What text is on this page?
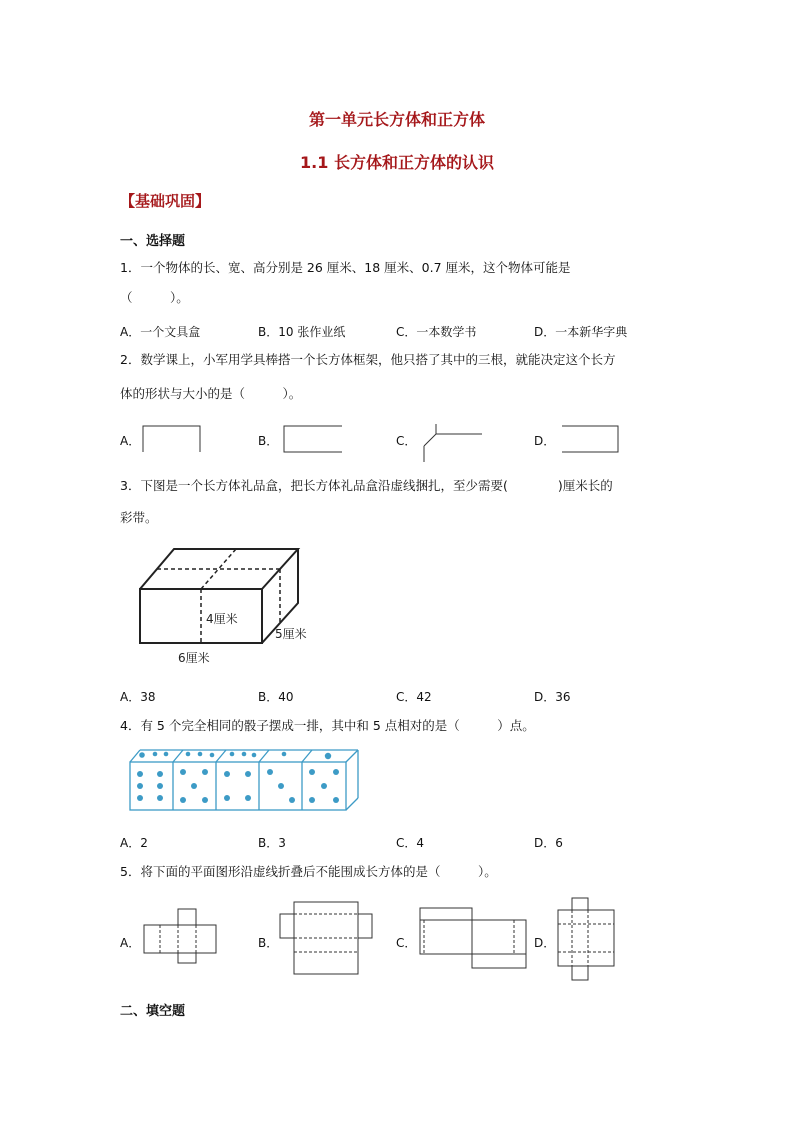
第一单元长方体和正方体
1.1 长方体和正方体的认识
【基础巩固】
一、选择题
1．一个物体的长、宽、高分别是 26 厘米、18 厘米、0.7 厘米，这个物体可能是
（　　　）。
A．一个文具盒	B．10 张作业纸	C．一本数学书	D．一本新华字典
2．数学课上，小军用学具棒搭一个长方体框架，他只搭了其中的三根，就能决定这个长方
体的形状与大小的是（　　　）。
A．	B．	C．	D．
3．下图是一个长方体礼品盒，把长方体礼品盒沿虚线捆扎，至少需要(　　　　)厘米长的
彩带。
4厘米
5厘米
6厘米
A．38	B．40	C．42	D．36
4．有 5 个完全相同的骰子摆成一排，其中和 5 点相对的是（　　　）点。
A．2	B．3	C．4	D．6
5．将下面的平面图形沿虚线折叠后不能围成长方体的是（　　　）。
A．	B．	C．	D．
二、填空题
